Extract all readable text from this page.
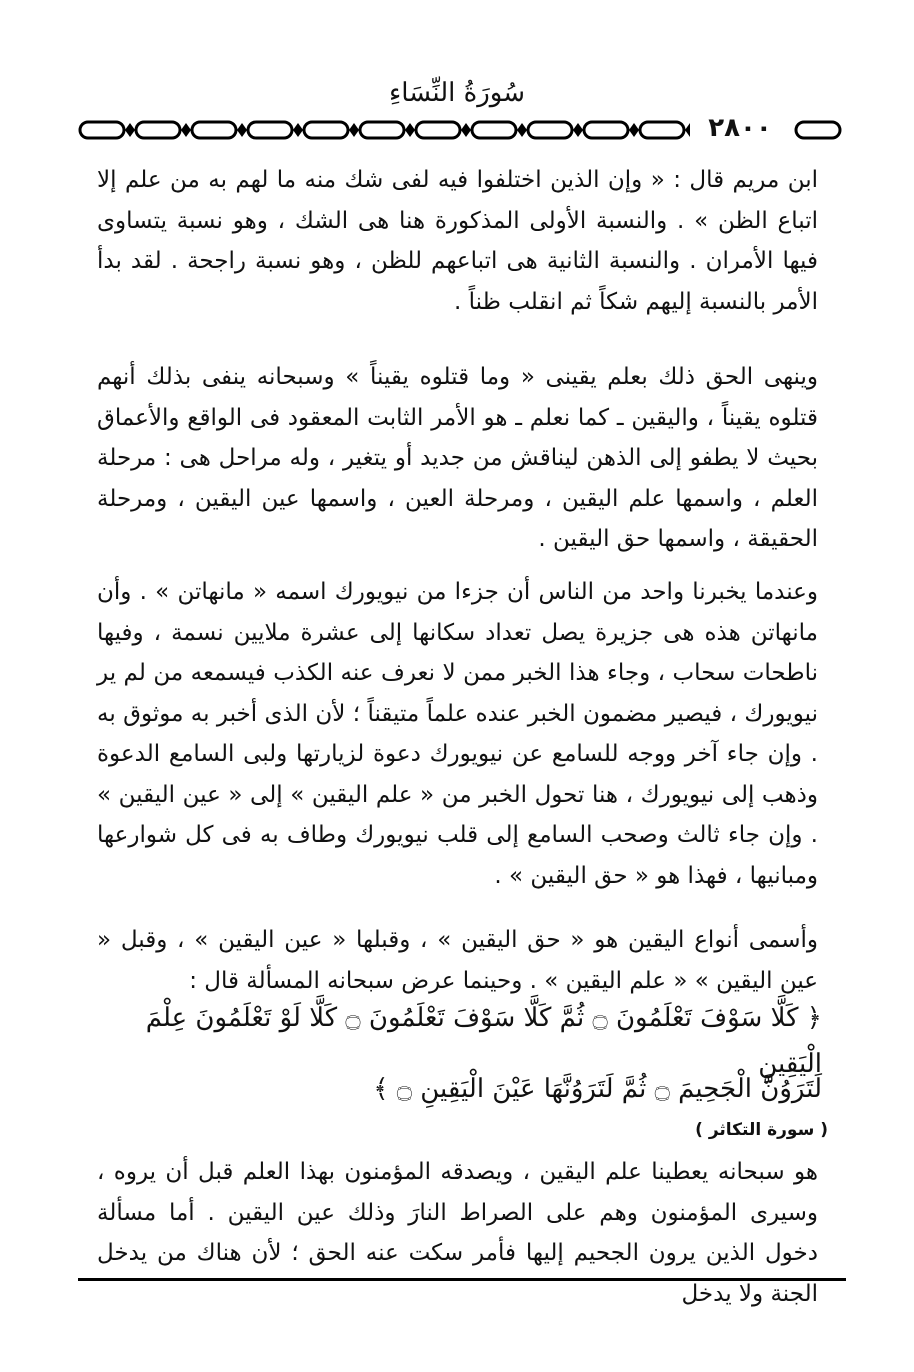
سُورَةُ النِّسَاءِ
٢٨٠٠

ابن مريم قال : « وإن الذين اختلفوا فيه لفى شك منه ما لهم به من علم إلا اتباع الظن » . والنسبة الأولى المذكورة هنا هى الشك ، وهو نسبة يتساوى فيها الأمران . والنسبة الثانية هى اتباعهم للظن ، وهو نسبة راجحة . لقد بدأ الأمر بالنسبة إليهم شكاً ثم انقلب ظناً .

وينهى الحق ذلك بعلم يقينى « وما قتلوه يقيناً » وسبحانه ينفى بذلك أنهم قتلوه يقيناً ، واليقين ـ كما نعلم ـ هو الأمر الثابت المعقود فى الواقع والأعماق بحيث لا يطفو إلى الذهن ليناقش من جديد أو يتغير ، وله مراحل هى : مرحلة العلم ، واسمها علم اليقين ، ومرحلة العين ، واسمها عين اليقين ، ومرحلة الحقيقة ، واسمها حق اليقين .

وعندما يخبرنا واحد من الناس أن جزءا من نيويورك اسمه « مانهاتن » . وأن مانهاتن هذه هى جزيرة يصل تعداد سكانها إلى عشرة ملايين نسمة ، وفيها ناطحات سحاب ، وجاء هذا الخبر ممن لا نعرف عنه الكذب فيسمعه من لم ير نيويورك ، فيصير مضمون الخبر عنده علماً متيقناً ؛ لأن الذى أخبر به موثوق به . وإن جاء آخر ووجه للسامع عن نيويورك دعوة لزيارتها ولبى السامع الدعوة وذهب إلى نيويورك ، هنا تحول الخبر من « علم اليقين » إلى « عين اليقين » . وإن جاء ثالث وصحب السامع إلى قلب نيويورك وطاف به فى كل شوارعها ومبانيها ، فهذا هو « حق اليقين » .

وأسمى أنواع اليقين هو « حق اليقين » ، وقبلها « عين اليقين » ، وقبل « عين اليقين » « علم اليقين » . وحينما عرض سبحانه المسألة قال :

﴿ كَلَّا سَوْفَ تَعْلَمُونَ ۝ ثُمَّ كَلَّا سَوْفَ تَعْلَمُونَ ۝ كَلَّا لَوْ تَعْلَمُونَ عِلْمَ الْيَقِينِ
لَتَرَوُنَّ الْجَحِيمَ ۝ ثُمَّ لَتَرَوُنَّهَا عَيْنَ الْيَقِينِ ۝ ﴾
( سورة التكاثر )

هو سبحانه يعطينا علم اليقين ، ويصدقه المؤمنون بهذا العلم قبل أن يروه ، وسيرى المؤمنون وهم على الصراط النارَ وذلك عين اليقين . أما مسألة دخول الذين يرون الجحيم إليها فأمر سكت عنه الحق ؛ لأن هناك من يدخل الجنة ولا يدخل
